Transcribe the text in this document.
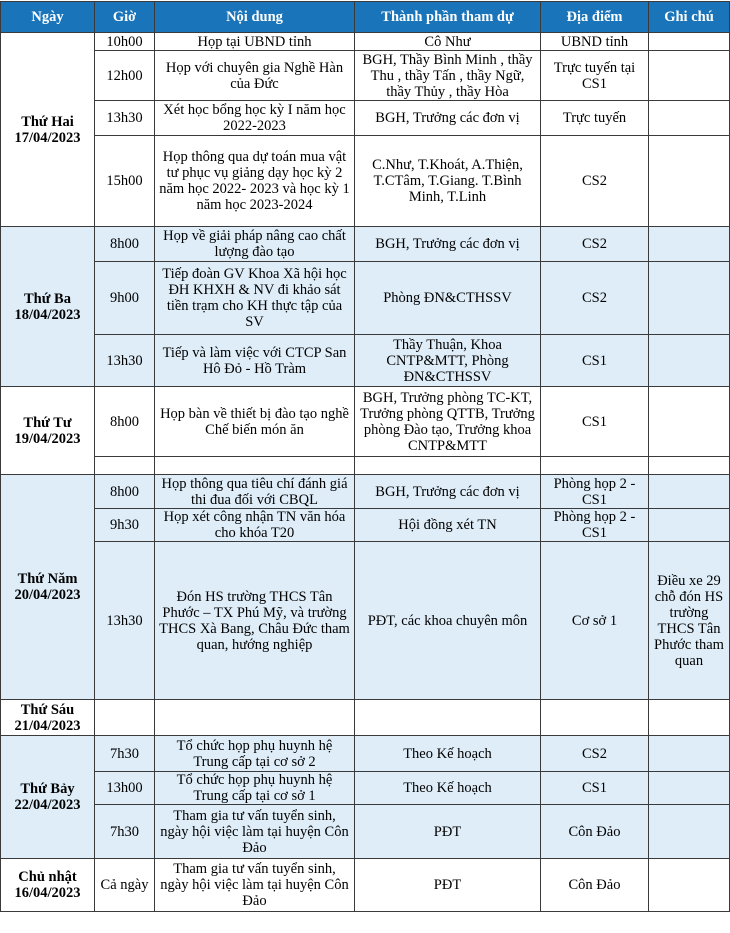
Ngày	Giờ	Nội dung	Thành phần tham dự	Địa điểm	Ghi chú

Thứ Hai
17/04/2023	10h00	Họp tại UBND tỉnh	Cô Như	UBND tỉnh	
	12h00	Họp với chuyên gia Nghề Hàn của Đức	BGH, Thầy Bình Minh , thầy Thu , thầy Tấn , thầy Ngữ, thầy Thủy , thầy Hòa	Trực tuyến tại CS1	
	13h30	Xét học bổng học kỳ I năm học 2022-2023	BGH, Trưởng các đơn vị	Trực tuyến	
	15h00	Họp thông qua dự toán mua vật tư phục vụ giảng dạy học kỳ 2 năm học 2022- 2023 và học kỳ 1 năm học 2023-2024	C.Như, T.Khoát, A.Thiện, T.CTâm, T.Giang. T.Bình Minh, T.Linh	CS2	

Thứ Ba
18/04/2023	8h00	Họp về giải pháp nâng cao chất lượng đào tạo	BGH, Trưởng các đơn vị	CS2	
	9h00	Tiếp đoàn GV Khoa Xã hội học ĐH KHXH & NV đi khảo sát tiền trạm cho KH thực tập của SV	Phòng ĐN&CTHSSV	CS2	
	13h30	Tiếp và làm việc với CTCP San Hô Đỏ - Hồ Tràm	Thầy Thuận, Khoa CNTP&MTT, Phòng ĐN&CTHSSV	CS1	

Thứ Tư
19/04/2023	8h00	Họp bàn về thiết bị đào tạo nghề Chế biến món ăn	BGH, Trưởng phòng TC-KT, Trưởng phòng QTTB, Trưởng phòng Đào tạo, Trưởng khoa CNTP&MTT	CS1	

Thứ Năm
20/04/2023	8h00	Họp thông qua tiêu chí đánh giá thi đua đối với CBQL	BGH, Trưởng các đơn vị	Phòng họp 2 - CS1	
	9h30	Họp xét công nhận TN văn hóa cho khóa T20	Hội đồng xét TN	Phòng họp 2 - CS1	
	13h30	Đón HS trường THCS Tân Phước – TX Phú Mỹ, và trường THCS Xà Bang, Châu Đức tham quan, hướng nghiệp	PĐT, các khoa chuyên môn	Cơ sở 1	Điều xe 29 chỗ đón HS trường THCS Tân Phước tham quan

Thứ Sáu
21/04/2023					

Thứ Bảy
22/04/2023	7h30	Tổ chức họp phụ huynh hệ Trung cấp tại cơ sở 2	Theo Kế hoạch	CS2	
	13h00	Tổ chức họp phụ huynh hệ Trung cấp tại cơ sở 1	Theo Kế hoạch	CS1	
	7h30	Tham gia tư vấn tuyển sinh, ngày hội việc làm tại huyện Côn Đảo	PĐT	Côn Đảo	

Chủ nhật
16/04/2023	Cả ngày	Tham gia tư vấn tuyển sinh, ngày hội việc làm tại huyện Côn Đảo	PĐT	Côn Đảo	
